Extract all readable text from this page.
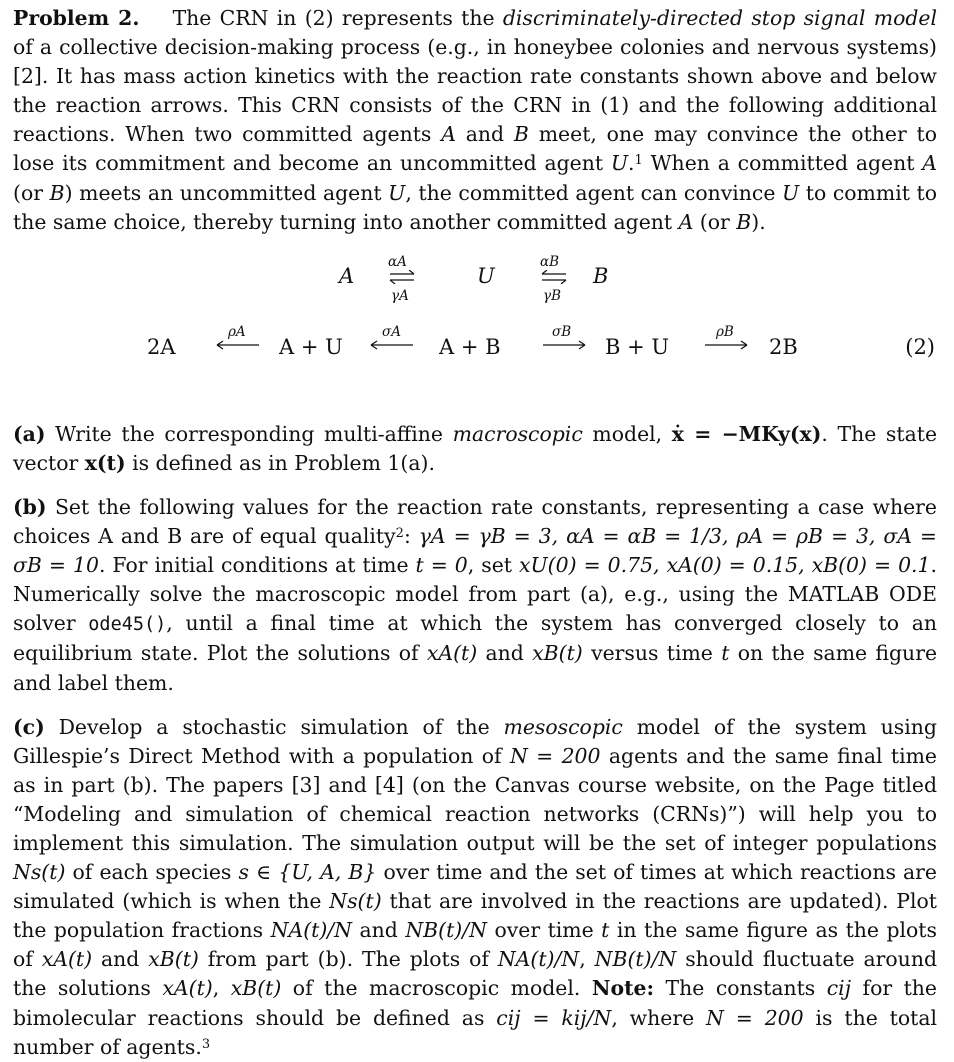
Problem 2. The CRN in (2) represents the discriminately-directed stop signal model of a collective decision-making process (e.g., in honeybee colonies and nervous systems) [2]. It has mass action kinetics with the reaction rate constants shown above and below the reaction arrows. This CRN consists of the CRN in (1) and the following additional reactions. When two committed agents A and B meet, one may convince the other to lose its commitment and become an uncommitted agent U.$^1$ When a committed agent A (or B) meets an uncommitted agent U, the committed agent can convince U to commit to the same choice, thereby turning into another committed agent A (or B).

A
αA
γA
U
αB
γB
B
2A
ρA
A + U
σA
A + B
σB
B + U
ρB
2B	(2)

(a) Write the corresponding multi-affine macroscopic model, ẋ = −MKy(x). The state vector x(t) is defined as in Problem 1(a).

(b) Set the following values for the reaction rate constants, representing a case where choices A and B are of equal quality$^2$: γA = γB = 3, αA = αB = 1/3, ρA = ρB = 3, σA = σB = 10. For initial conditions at time t = 0, set xU(0) = 0.75, xA(0) = 0.15, xB(0) = 0.1. Numerically solve the macroscopic model from part (a), e.g., using the MATLAB ODE solver ode45(), until a final time at which the system has converged closely to an equilibrium state. Plot the solutions of xA(t) and xB(t) versus time t on the same figure and label them.

(c) Develop a stochastic simulation of the mesoscopic model of the system using Gillespie’s Direct Method with a population of N = 200 agents and the same final time as in part (b). The papers [3] and [4] (on the Canvas course website, on the Page titled “Modeling and simulation of chemical reaction networks (CRNs)”) will help you to implement this simulation. The simulation output will be the set of integer populations Ns(t) of each species s ∈ {U, A, B} over time and the set of times at which reactions are simulated (which is when the Ns(t) that are involved in the reactions are updated). Plot the population fractions NA(t)/N and NB(t)/N over time t in the same figure as the plots of xA(t) and xB(t) from part (b). The plots of NA(t)/N, NB(t)/N should fluctuate around the solutions xA(t), xB(t) of the macroscopic model. Note: The constants cij for the bimolecular reactions should be defined as cij = kij/N, where N = 200 is the total number of agents.$^3$
